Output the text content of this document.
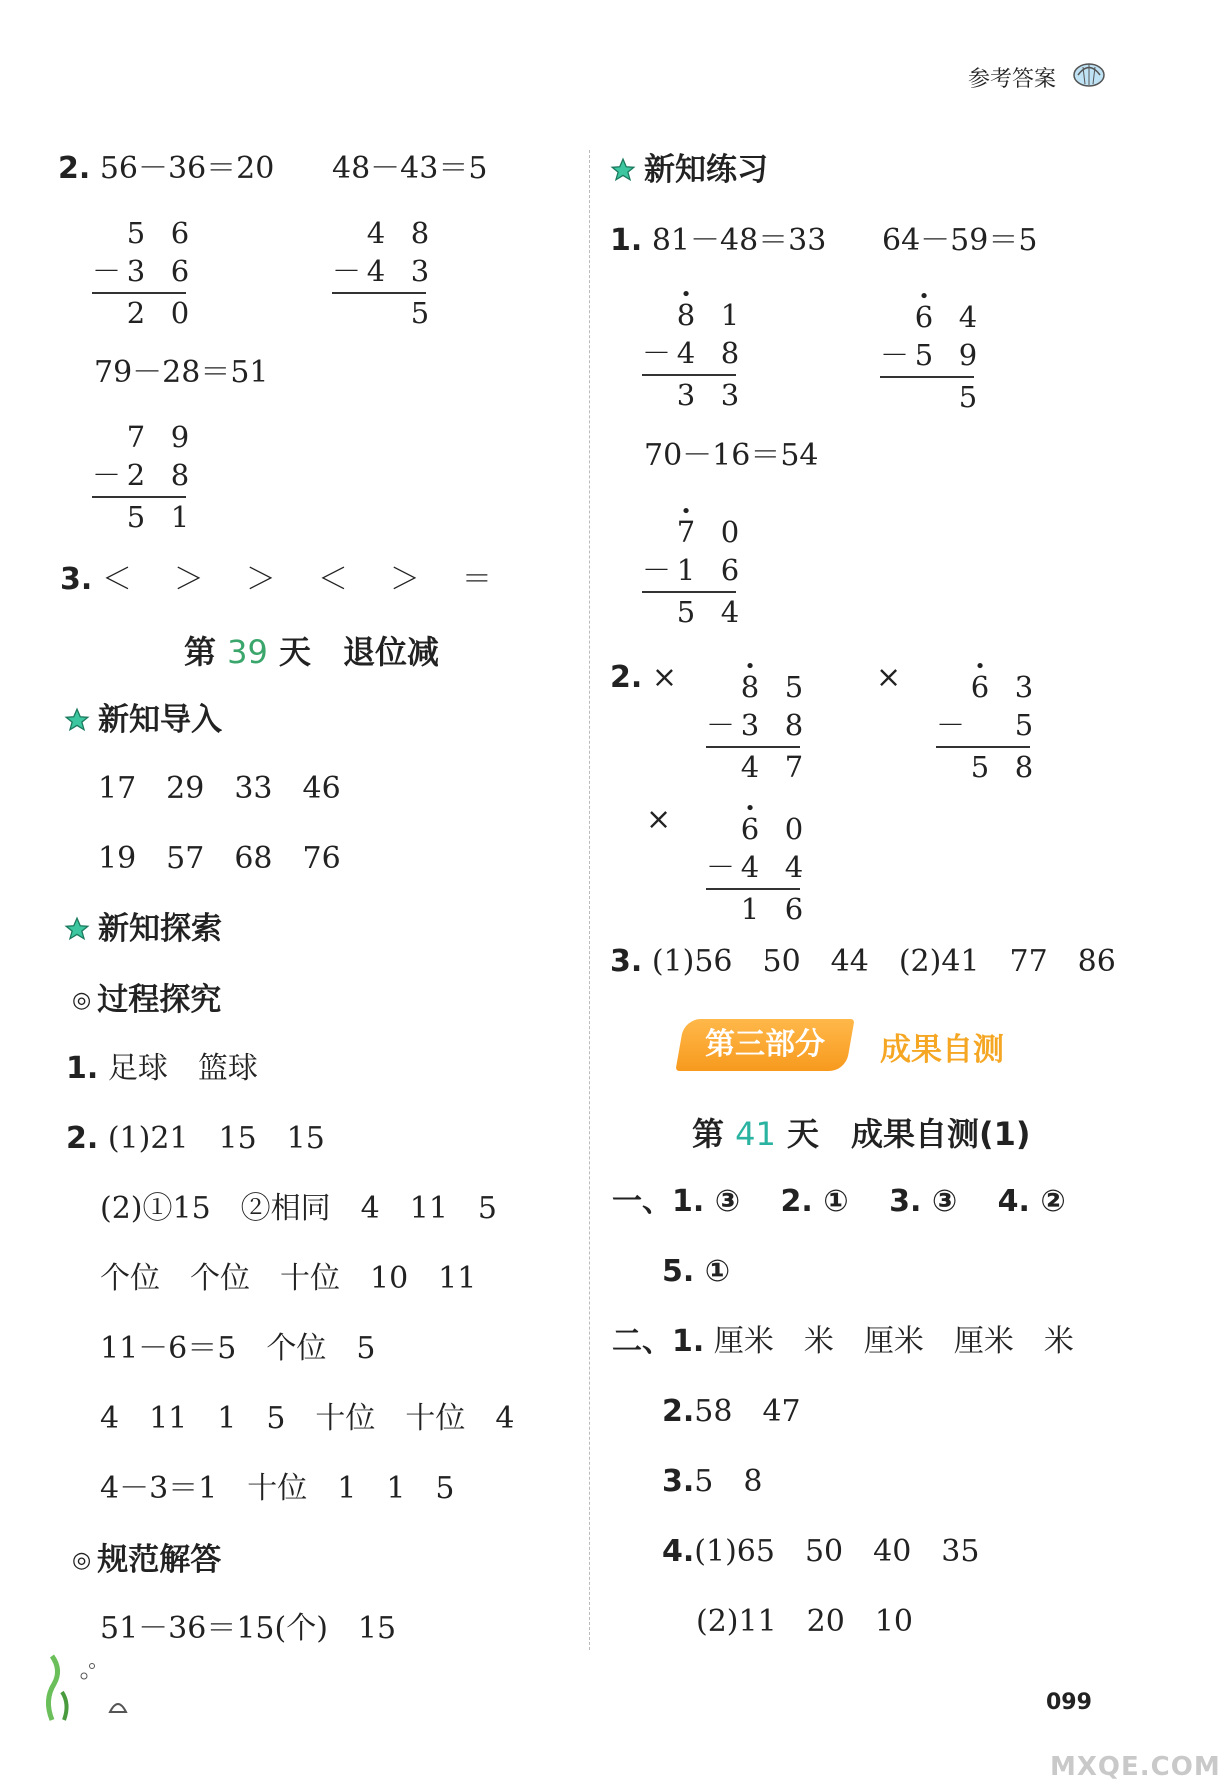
参考答案
2. 56－36＝20 48－43＝5
5 6
－ 3 6
2 0
4 8
－ 4 3
5
79－28＝51
7 9
－ 2 8
5 1
3. ＜　＞　＞　＜　＞　＝
第 39 天　退位减
新知导入
17　29　33　46
19　57　68　76
新知探索
◎ 过程探究
1. 足球　篮球
2. (1)21　15　15
(2)①15　②相同　4　11　5
个位　个位　十位　10　11
11－6＝5　个位　5
4　11　1　5　十位　十位　4
4－3＝1　十位　1　1　5
◎ 规范解答
51－36＝15(个)　15
新知练习
1. 81－48＝33 64－59＝5
• 8 1
－ 4 8
3 3
• 6 4
－ 5 9
5
70－16＝54
• 7 0
－ 1 6
5 4
2. ×	• 8 5
－ 3 8
4 7
×	• 6 3
－	5
5 8
×	• 6 0
－ 4 4
1 6
3. (1)56　50　44　(2)41　77　86
第三部分	成果自测
第 41 天　成果自测(1)
一、1. ③　 2. ①　 3. ③　 4. ②
5. ①
二、1. 厘米　米　厘米　厘米　米
2.58　47
3.5　8
4.(1)65　50　40　35
(2)11　20　10
099
MXQE.COM
